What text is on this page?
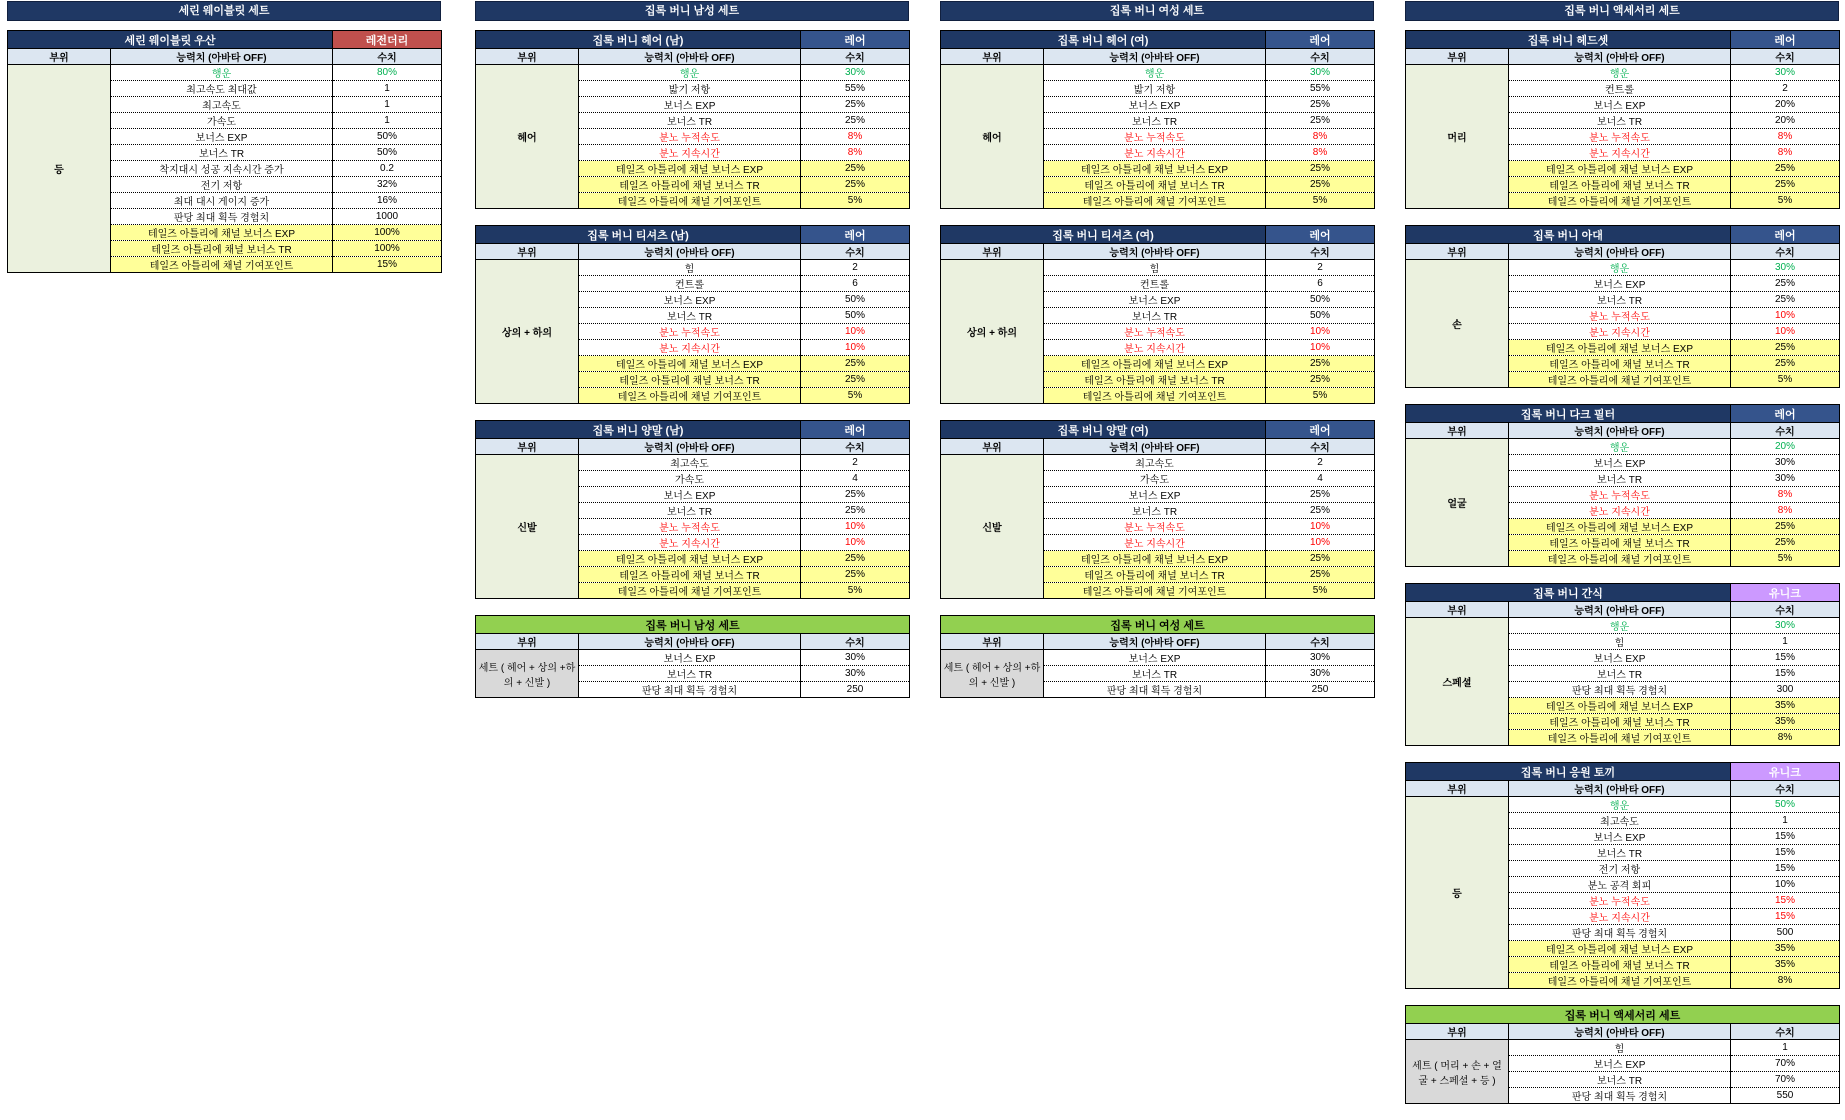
세린 웨이블릿 세트
세린 웨이블릿 우산		레전더리
부위	능력치 (아바타 OFF)	수치
등	행운	80%
	최고속도 최대값	1
	최고속도	1
	가속도	1
	보너스 EXP	50%
	보너스 TR	50%
	착지대시 성공 지속시간 증가	0.2
	전기 저항	32%
	최대 대시 게이지 증가	16%
	판당 최대 획득 경험치	1000
	테일즈 아틀리에 채널 보너스 EXP	100%
	테일즈 아틀리에 채널 보너스 TR	100%
	테일즈 아틀리에 채널 기여포인트	15%
집록 버니 남성 세트
집록 버니 헤어 (남)		레어
부위	능력치 (아바타 OFF)	수치
헤어	행운	30%
	밟기 저항	55%
	보너스 EXP	25%
	보너스 TR	25%
	분노 누적속도	8%
	분노 지속시간	8%
	테일즈 아틀리에 채널 보너스 EXP	25%
	테일즈 아틀리에 채널 보너스 TR	25%
	테일즈 아틀리에 채널 기여포인트	5%
집록 버니 티셔츠 (남)		레어
부위	능력치 (아바타 OFF)	수치
상의 + 하의	힘	2
	컨트롤	6
	보너스 EXP	50%
	보너스 TR	50%
	분노 누적속도	10%
	분노 지속시간	10%
	테일즈 아틀리에 채널 보너스 EXP	25%
	테일즈 아틀리에 채널 보너스 TR	25%
	테일즈 아틀리에 채널 기여포인트	5%
집록 버니 양말 (남)		레어
부위	능력치 (아바타 OFF)	수치
신발	최고속도	2
	가속도	4
	보너스 EXP	25%
	보너스 TR	25%
	분노 누적속도	10%
	분노 지속시간	10%
	테일즈 아틀리에 채널 보너스 EXP	25%
	테일즈 아틀리에 채널 보너스 TR	25%
	테일즈 아틀리에 채널 기여포인트	5%
집록 버니 남성 세트		
부위	능력치 (아바타 OFF)	수치
세트 ( 헤어 + 상의 +하의 + 신발 )	보너스 EXP	30%
	보너스 TR	30%
	판당 최대 획득 경험치	250
집록 버니 여성 세트
집록 버니 헤어 (여)		레어
부위	능력치 (아바타 OFF)	수치
헤어	행운	30%
	밟기 저항	55%
	보너스 EXP	25%
	보너스 TR	25%
	분노 누적속도	8%
	분노 지속시간	8%
	테일즈 아틀리에 채널 보너스 EXP	25%
	테일즈 아틀리에 채널 보너스 TR	25%
	테일즈 아틀리에 채널 기여포인트	5%
집록 버니 티셔츠 (여)		레어
부위	능력치 (아바타 OFF)	수치
상의 + 하의	힘	2
	컨트롤	6
	보너스 EXP	50%
	보너스 TR	50%
	분노 누적속도	10%
	분노 지속시간	10%
	테일즈 아틀리에 채널 보너스 EXP	25%
	테일즈 아틀리에 채널 보너스 TR	25%
	테일즈 아틀리에 채널 기여포인트	5%
집록 버니 양말 (여)		레어
부위	능력치 (아바타 OFF)	수치
신발	최고속도	2
	가속도	4
	보너스 EXP	25%
	보너스 TR	25%
	분노 누적속도	10%
	분노 지속시간	10%
	테일즈 아틀리에 채널 보너스 EXP	25%
	테일즈 아틀리에 채널 보너스 TR	25%
	테일즈 아틀리에 채널 기여포인트	5%
집록 버니 여성 세트		
부위	능력치 (아바타 OFF)	수치
세트 ( 헤어 + 상의 +하의 + 신발 )	보너스 EXP	30%
	보너스 TR	30%
	판당 최대 획득 경험치	250
집록 버니 액세서리 세트
집록 버니 헤드셋		레어
부위	능력치 (아바타 OFF)	수치
머리	행운	30%
	컨트롤	2
	보너스 EXP	20%
	보너스 TR	20%
	분노 누적속도	8%
	분노 지속시간	8%
	테일즈 아틀리에 채널 보너스 EXP	25%
	테일즈 아틀리에 채널 보너스 TR	25%
	테일즈 아틀리에 채널 기여포인트	5%
집록 버니 아대		레어
부위	능력치 (아바타 OFF)	수치
손	행운	30%
	보너스 EXP	25%
	보너스 TR	25%
	분노 누적속도	10%
	분노 지속시간	10%
	테일즈 아틀리에 채널 보너스 EXP	25%
	테일즈 아틀리에 채널 보너스 TR	25%
	테일즈 아틀리에 채널 기여포인트	5%
집록 버니 다크 필터		레어
부위	능력치 (아바타 OFF)	수치
얼굴	행운	20%
	보너스 EXP	30%
	보너스 TR	30%
	분노 누적속도	8%
	분노 지속시간	8%
	테일즈 아틀리에 채널 보너스 EXP	25%
	테일즈 아틀리에 채널 보너스 TR	25%
	테일즈 아틀리에 채널 기여포인트	5%
집록 버니 간식		유니크
부위	능력치 (아바타 OFF)	수치
스페셜	행운	30%
	힘	1
	보너스 EXP	15%
	보너스 TR	15%
	판당 최대 획득 경험치	300
	테일즈 아틀리에 채널 보너스 EXP	35%
	테일즈 아틀리에 채널 보너스 TR	35%
	테일즈 아틀리에 채널 기여포인트	8%
집록 버니 응원 토끼		유니크
부위	능력치 (아바타 OFF)	수치
등	행운	50%
	최고속도	1
	보너스 EXP	15%
	보너스 TR	15%
	전기 저항	15%
	분노 공격 회피	10%
	분노 누적속도	15%
	분노 지속시간	15%
	판당 최대 획득 경험치	500
	테일즈 아틀리에 채널 보너스 EXP	35%
	테일즈 아틀리에 채널 보너스 TR	35%
	테일즈 아틀리에 채널 기여포인트	8%
집록 버니 액세서리 세트		
부위	능력치 (아바타 OFF)	수치
세트 ( 머리 + 손 + 얼굴 + 스페셜 + 등 )	힘	1
	보너스 EXP	70%
	보너스 TR	70%
	판당 최대 획득 경험치	550
